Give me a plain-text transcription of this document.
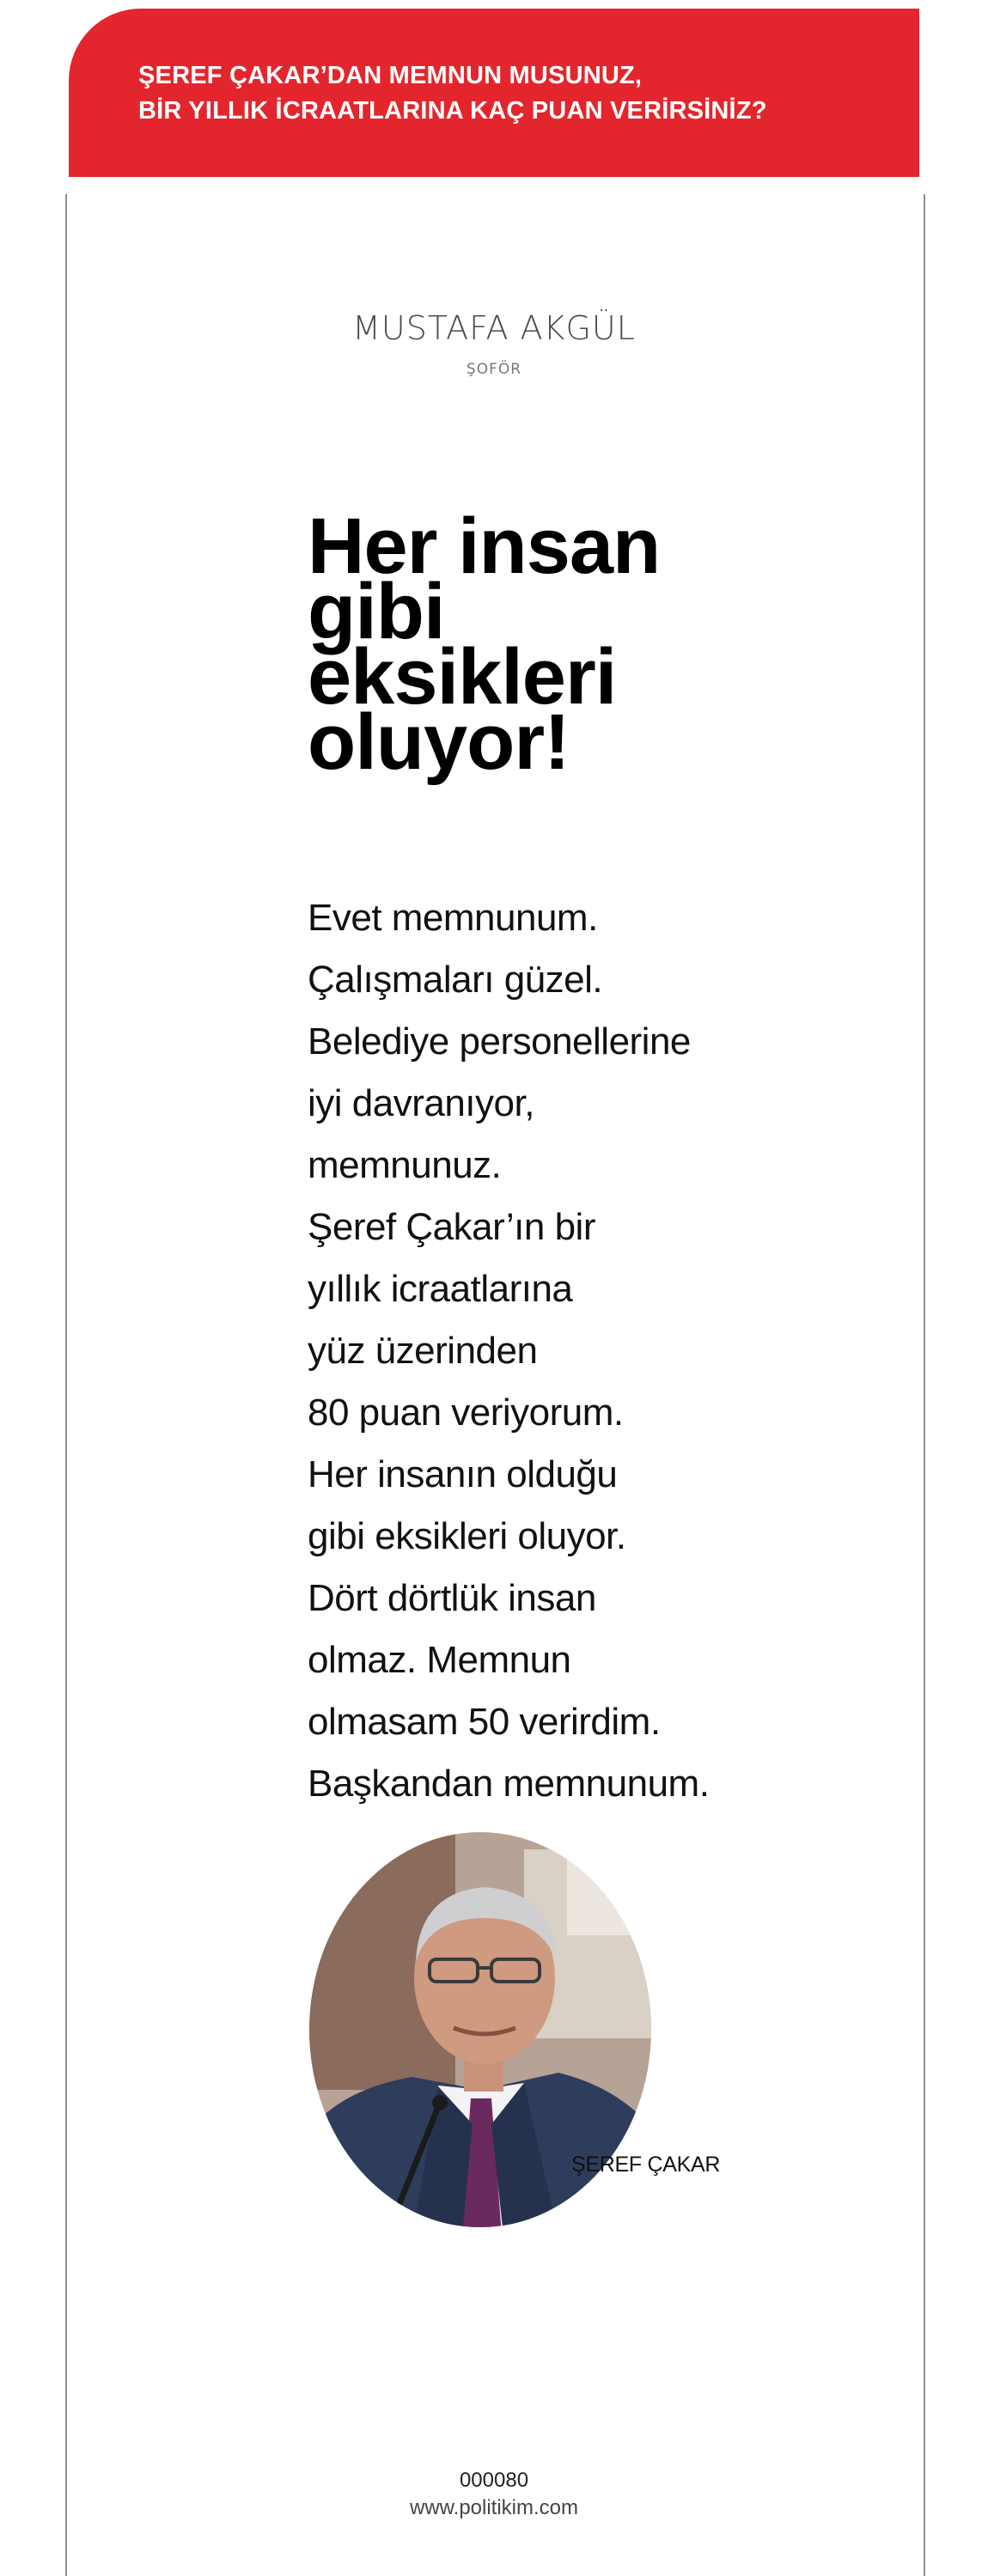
ŞEREF ÇAKAR’DAN MEMNUN MUSUNUZ,
BİR YILLIK İCRAATLARINA KAÇ PUAN VERİRSİNİZ?
MUSTAFA AKGÜL
ŞOFÖR
Her insan
gibi
eksikleri
oluyor!
Evet memnunum.
Çalışmaları güzel.
Belediye personellerine
iyi davranıyor,
memnunuz.
Şeref Çakar’ın bir
yıllık icraatlarına
yüz üzerinden
80 puan veriyorum.
Her insanın olduğu
gibi eksikleri oluyor.
Dört dörtlük insan
olmaz. Memnun
olmasam 50 verirdim.
Başkandan memnunum.
ŞEREF ÇAKAR
000080
www.politikim.com
